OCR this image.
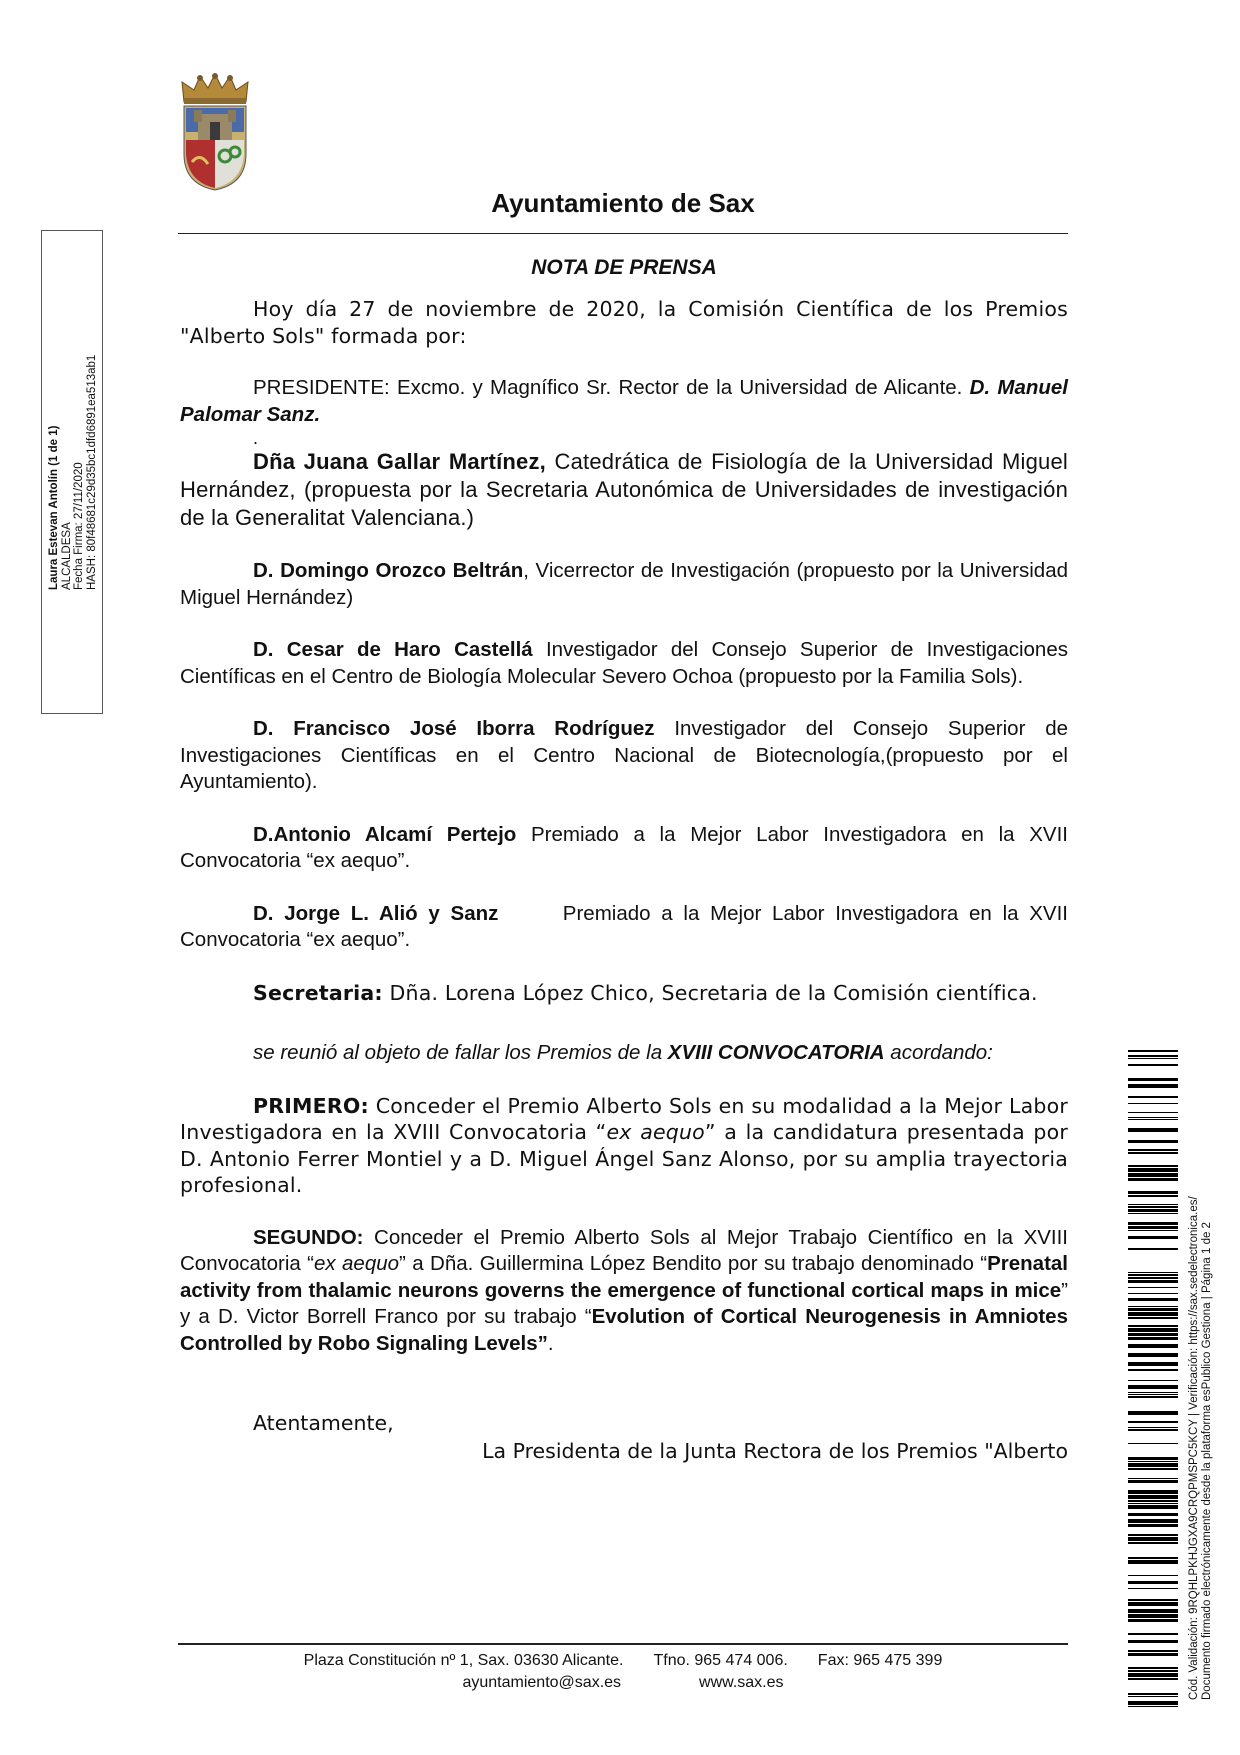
Ayuntamiento de Sax
NOTA DE PRENSA

Hoy día 27 de noviembre de 2020, la Comisión Científica de los Premios "Alberto Sols" formada por:

PRESIDENTE: Excmo. y Magnífico Sr. Rector de la Universidad de Alicante. D. Manuel Palomar Sanz.

.

Dña Juana Gallar Martínez, Catedrática de Fisiología de la Universidad Miguel Hernández, (propuesta por la Secretaria Autonómica de Universidades de investigación de la Generalitat Valenciana.)

D. Domingo Orozco Beltrán, Vicerrector de Investigación (propuesto por la Universidad Miguel Hernández)

D. Cesar de Haro Castellá Investigador del Consejo Superior de Investigaciones Científicas en el Centro de Biología Molecular Severo Ochoa (propuesto por la Familia Sols).

D. Francisco José Iborra Rodríguez Investigador del Consejo Superior de Investigaciones Científicas en el Centro Nacional de Biotecnología,(propuesto por el Ayuntamiento).

D.Antonio Alcamí Pertejo Premiado a la Mejor Labor Investigadora en la XVII Convocatoria “ex aequo”.

D. Jorge L. Alió y Sanz      Premiado a la Mejor Labor Investigadora en la XVII Convocatoria “ex aequo”.

Secretaria: Dña. Lorena López Chico, Secretaria de la Comisión científica.

se reunió al objeto de fallar los Premios de la XVIII CONVOCATORIA acordando:

PRIMERO: Conceder el Premio Alberto Sols en su modalidad a la Mejor Labor Investigadora en la XVIII Convocatoria “ex aequo” a la candidatura presentada por D. Antonio Ferrer Montiel y a D. Miguel Ángel Sanz Alonso, por su amplia trayectoria profesional.

SEGUNDO: Conceder el Premio Alberto Sols al Mejor Trabajo Científico en la XVIII Convocatoria “ex aequo” a Dña. Guillermina López Bendito por su trabajo denominado “Prenatal activity from thalamic neurons governs the emergence of functional cortical maps in mice” y a D. Victor Borrell Franco por su trabajo “Evolution of Cortical Neurogenesis in Amniotes Controlled by Robo Signaling Levels”.

Atentamente,
La Presidenta de la Junta Rectora de los Premios "Alberto
Plaza Constitución nº 1, Sax. 03630 Alicante. Tfno. 965 474 006. Fax: 965 475 399
ayuntamiento@sax.es	www.sax.es
Laura Estevan Antolín (1 de 1) ALCALDESA Fecha Firma: 27/11/2020 HASH: 80f48681c29d35bc1dfd6891ea513ab1
Cód. Validación: 9RQHLPKHJGXA9CRQPMSPC5KCY | Verificación: https://sax.sedelectronica.es/ Documento firmado electrónicamente desde la plataforma esPublico Gestiona | Página 1 de 2
